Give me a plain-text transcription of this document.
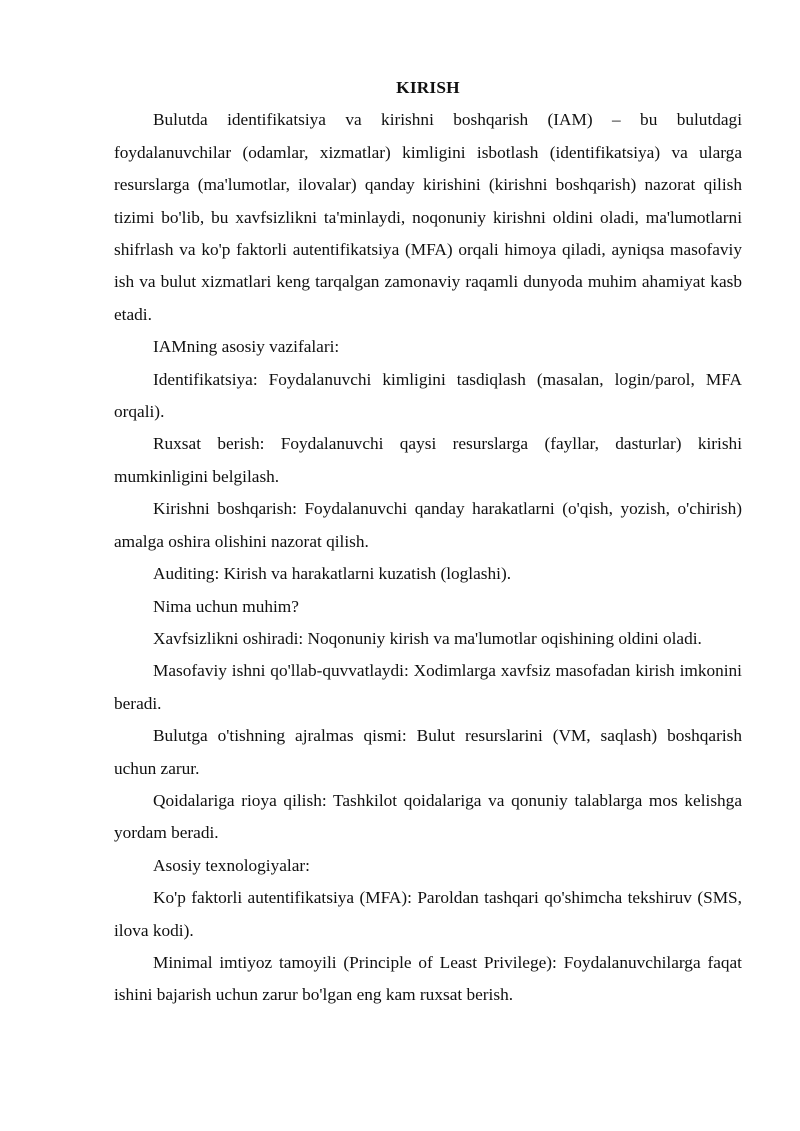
KIRISH

Bulutda identifikatsiya va kirishni boshqarish (IAM) – bu bulutdagi foydalanuvchilar (odamlar, xizmatlar) kimligini isbotlash (identifikatsiya) va ularga resurslarga (ma'lumotlar, ilovalar) qanday kirishini (kirishni boshqarish) nazorat qilish tizimi bo'lib, bu xavfsizlikni ta'minlaydi, noqonuniy kirishni oldini oladi, ma'lumotlarni shifrlash va ko'p faktorli autentifikatsiya (MFA) orqali himoya qiladi, ayniqsa masofaviy ish va bulut xizmatlari keng tarqalgan zamonaviy raqamli dunyoda muhim ahamiyat kasb etadi.

IAMning asosiy vazifalari:

Identifikatsiya: Foydalanuvchi kimligini tasdiqlash (masalan, login/parol, MFA orqali).

Ruxsat berish: Foydalanuvchi qaysi resurslarga (fayllar, dasturlar) kirishi mumkinligini belgilash.

Kirishni boshqarish: Foydalanuvchi qanday harakatlarni (o'qish, yozish, o'chirish) amalga oshira olishini nazorat qilish.

Auditing: Kirish va harakatlarni kuzatish (loglashi).

Nima uchun muhim?

Xavfsizlikni oshiradi: Noqonuniy kirish va ma'lumotlar oqishining oldini oladi.

Masofaviy ishni qo'llab-quvvatlaydi: Xodimlarga xavfsiz masofadan kirish imkonini beradi.

Bulutga o'tishning ajralmas qismi: Bulut resurslarini (VM, saqlash) boshqarish uchun zarur.

Qoidalariga rioya qilish: Tashkilot qoidalariga va qonuniy talablarga mos kelishga yordam beradi.

Asosiy texnologiyalar:

Ko'p faktorli autentifikatsiya (MFA): Paroldan tashqari qo'shimcha tekshiruv (SMS, ilova kodi).

Minimal imtiyoz tamoyili (Principle of Least Privilege): Foydalanuvchilarga faqat ishini bajarish uchun zarur bo'lgan eng kam ruxsat berish.
